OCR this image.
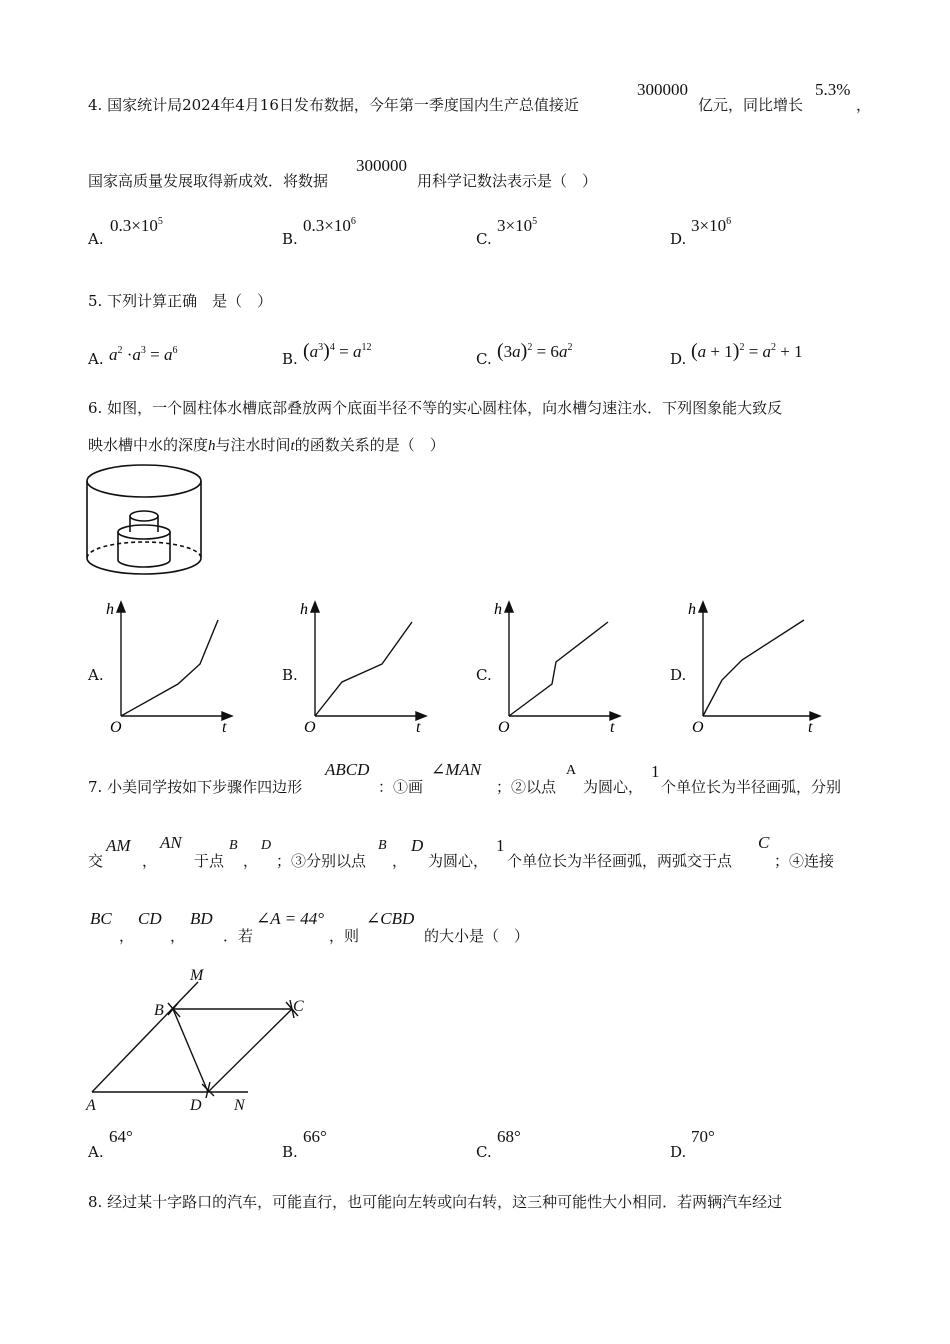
4. 国家统计局2024年4月16日发布数据，今年第一季度国内生产总值接近
300000
亿元，同比增长
5.3%
，
国家高质量发展取得新成效．将数据
300000
用科学记数法表示是（　）
A.
$0.3\times 10^5$
B.
$0.3\times 10^6$
C.
$3\times 10^5$
D.
$3\times 10^6$
5. 下列计算正确　是（　）
A. $a^2 \cdot a^3 = a^6$	B. $(a^3)^4 = a^{12}$
C. $(3a)^2 = 6a^2$
D. $(a + 1)^2 = a^2 + 1$
6. 如图，一个圆柱体水槽底部叠放两个底面半径不等的实心圆柱体，向水槽匀速注水．下列图象能大致反
映水槽中水的深度h与注水时间t的函数关系的是（　）
A.
h
t
O
B.
h
t
O
C.
h
t
O
D.
h
t
O
7. 小美同学按如下步骤作四边形
ABCD
：①画
∠MAN
；②以点
A
为圆心，
1
个单位长为半径画弧，分别
交
AM
，
AN
于点
B
，
D
；③分别以点
B
，
D
为圆心，
1
个单位长为半径画弧，两弧交于点
C
；④连接
BC
，
CD
，
BD
．若
∠A = 44°
，则
∠CBD
的大小是（　）
M
B	C
A	D N
A.
64°
B.
66°
C.
68°
D.
70°
8. 经过某十字路口的汽车，可能直行，也可能向左转或向右转，这三种可能性大小相同．若两辆汽车经过
